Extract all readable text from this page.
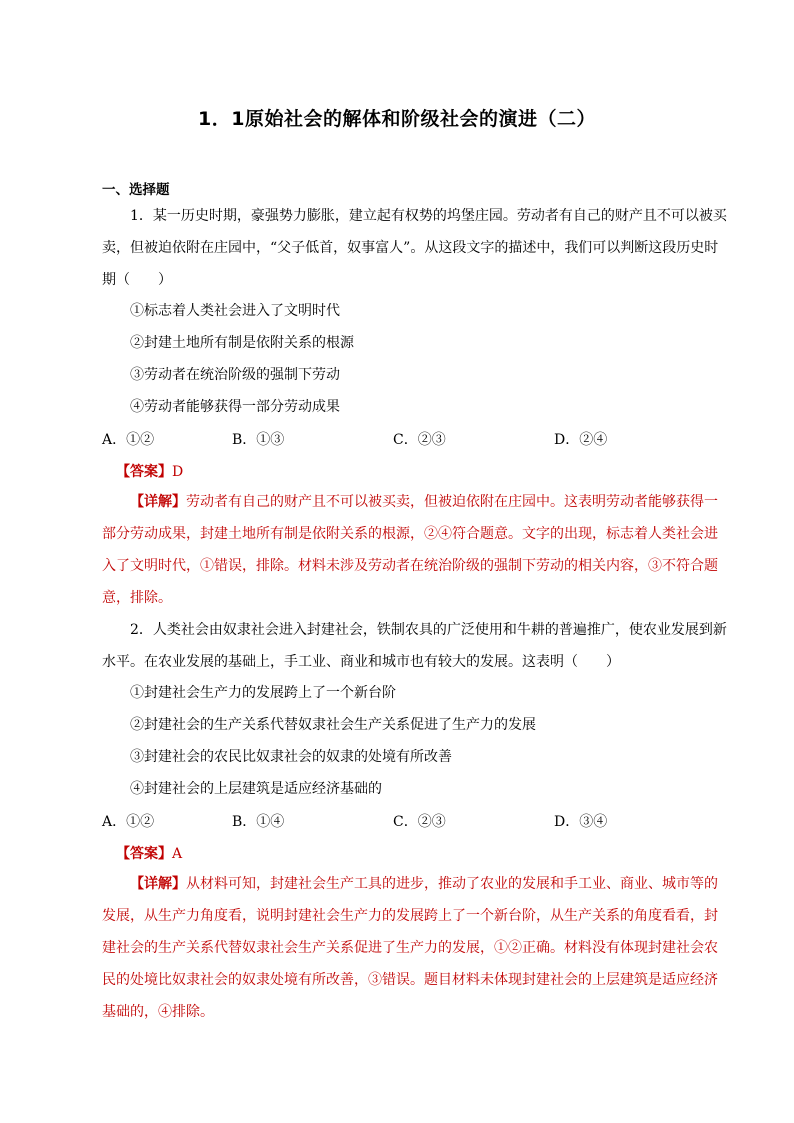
1．1原始社会的解体和阶级社会的演进（二）
一、选择题

1．某一历史时期，豪强势力膨胀，建立起有权势的坞堡庄园。劳动者有自己的财产且不可以被买卖，但被迫依附在庄园中，“父子低首，奴事富人”。从这段文字的描述中，我们可以判断这段历史时期（　　）

①标志着人类社会进入了文明时代
②封建土地所有制是依附关系的根源
③劳动者在统治阶级的强制下劳动
④劳动者能够获得一部分劳动成果
A．①②	B．①③	C．②③	D．②④
【答案】D

【详解】劳动者有自己的财产且不可以被买卖，但被迫依附在庄园中。这表明劳动者能够获得一部分劳动成果，封建土地所有制是依附关系的根源，②④符合题意。文字的出现，标志着人类社会进入了文明时代，①错误，排除。材料未涉及劳动者在统治阶级的强制下劳动的相关内容，③不符合题意，排除。

2．人类社会由奴隶社会进入封建社会，铁制农具的广泛使用和牛耕的普遍推广，使农业发展到新水平。在农业发展的基础上，手工业、商业和城市也有较大的发展。这表明（　　）

①封建社会生产力的发展跨上了一个新台阶
②封建社会的生产关系代替奴隶社会生产关系促进了生产力的发展
③封建社会的农民比奴隶社会的奴隶的处境有所改善
④封建社会的上层建筑是适应经济基础的
A．①②	B．①④	C．②③	D．③④
【答案】A

【详解】从材料可知，封建社会生产工具的进步，推动了农业的发展和手工业、商业、城市等的发展，从生产力角度看，说明封建社会生产力的发展跨上了一个新台阶，从生产关系的角度看看，封建社会的生产关系代替奴隶社会生产关系促进了生产力的发展，①②正确。材料没有体现封建社会农民的处境比奴隶社会的奴隶处境有所改善，③错误。题目材料未体现封建社会的上层建筑是适应经济基础的，④排除。
